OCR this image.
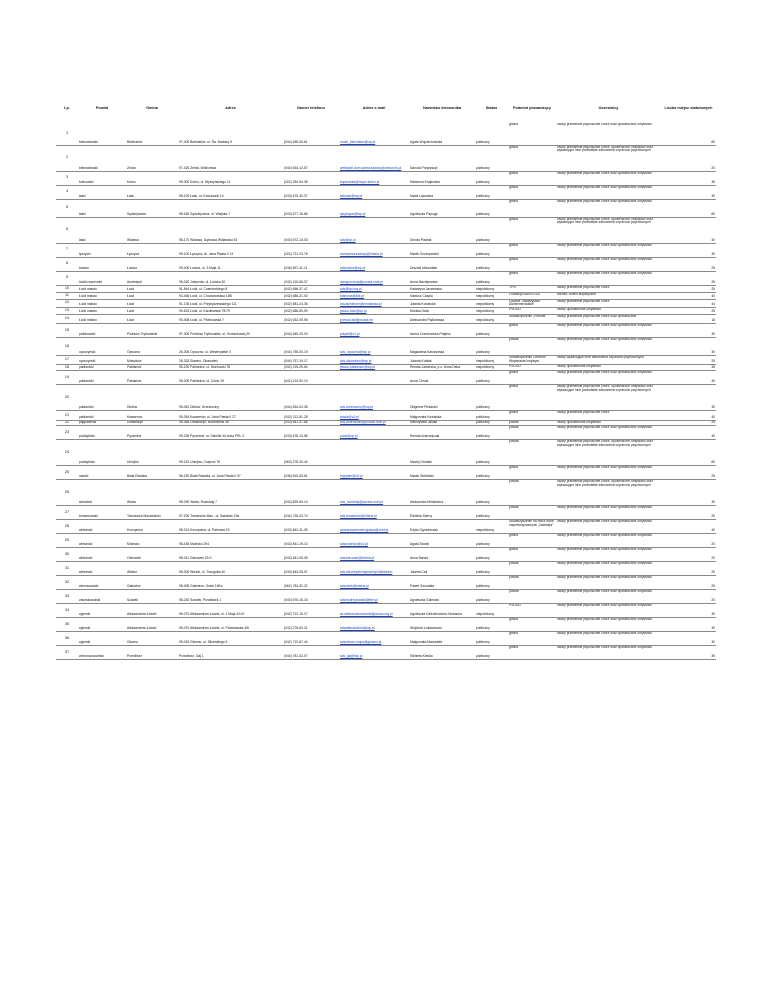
Lp.	Powiat	Gmina	Adres	Numer telefonu	Adres e-mail	Nazwisko kierownika	Status	Podmiot prowadzący	Uczestnicy	Liczba miejsc statutowych
1	bełchatowski	Bełchatów	97-400 Bełchatów, ul. Św. Barbary 5	(044) 635-06-61	mosir_belchatow@op.pl	Agata Wojciechowska	publiczny	gmina	osoby przewlekle psychicznie chore oraz upośledzone umysłowo	60
2	bełchatowski	Zelów	97-425 Zelów, Wolborska	(044) 634-12-57	websiote-dom.samorzadowy@zelow.nk.pl	Danuta Przybyszył	publiczny	gmina	osoby przewlekle psychicznie chore, upośledzone umysłowo oraz wykazujące inne przewlekłe zaburzenia czynności psychicznych	20
3	kutnowski	Kutno	99-300 Kutno, ul. Wyszyńskiego 11	(024) 254-94-35	kopiewska@mops.kutno.pl	Marianna Krajewska	publiczny	gmina	osoby przewlekle psychicznie chore oraz upośledzone umysłowo	35
4	łaski	Łask	98-100 Łask, ul. Kościuszki 14	(043) 675-30-37	ksbtask@wp.pl	Maria Lipowska	publiczny	gmina	osoby przewlekle psychicznie chore oraz upośledzone umysłowo	30
5	łaski	Sędziejowice	98-160 Sędziejowice, ul. Wiejska 7	(043) 677-15-86	sjeglogort@wp.pl	Agnieszka Papuga	publiczny	gmina	osoby przewlekle psychicznie chore oraz upośledzone umysłowo	60
6	łaski	Widawa	98-170 Widawa, Dąbrowa Widawska 61	(043) 672-14-03	sds@op.pl	Dorota Pawlak	publiczny	gmina	osoby przewlekle psychicznie chore, upośledzone umysłowo oraz wykazujące inne przewlekłe zaburzenia czynności psychicznych	40
7	łęczycki	Łęczyca	99-100 Łęczyca, Al. Jana Pawła II 13	(024) 721-23-76	domsamorzadowy@interia.pl	Marek Szczepański	publiczny	gmina	osoby przewlekle psychicznie chore oraz upośledzone umysłowo	30
8	łowicki	Łowicz	99-400 Łowicz, ul. 3 Maja 11	(046) 837-41-11	sdslowicz@wp.pl	Urszula Marczałek	publiczny	gmina	osoby przewlekle psychicznie chore oraz upośledzone umysłowo	25
9	łódzki wschodni	Andrespol	95-020 Justynów, ul. Łódzka 30	(042) 215-65-37	domgorniony@poczta.onet.pl	Anna Maciejewska	publiczny	gmina	osoby przewlekle psychicznie chore oraz upośledzone umysłowo	25
10	Łódź miasto	Łódź	91-844 Łódź, ul. Czarnieckiego 8	(042) 656-37-47	sds@lipi.org.pl	Katarzyna Jaczewska	niepubliczny	TPN	osoby przewlekle psychicznie chore	25
11	Łódź miasto	Łódź	93-466 Łódź, ul. Chocianowska 18B	(042) 686-21-00	biamusa@klik.pl	Mariusz Czapla	niepubliczny	Fundacja NAVICULA	dorośli i dzieci autystyczne	40
12	Łódź miasto	Łódź	91-130 Łódź, ul. Przybyszewskiego 111	(042) 681-24-36	low.alzheimer@neostrada.pl	Jolanta Kordacka	niepubliczny	Łódzkie Towarzystwo Alzheimerowskie	osoby przewlekle psychicznie chore	44
13	Łódź miasto	Łódź	90-523 Łódź, ul. Karolewska 75/79	(042) 686-80-90	psouu.lodz@op.pl	Monika Gata	niepubliczny	PSOUU	osoby upośledzone umysłowo	25
14	Łódź miasto	Łódź	90-408 Łódź, ul. Piotrkowska 7	(042) 632-09-98	pomost.sd@poczta.fm	Aleksandra Piątkowska	niepubliczny	Stowarzyszenie „Pomost”	osoby przewlekle psychicznie chore oraz upośledzone	18
15	piotrkowski	Piotrków Trybunalski	97-300 Piotrków Trybunalski, ul. Orzeszkowej 20	(044) 649-29-03	prkpsf@o2.pl	Iwona Czechowska-Prajbss	publiczny	gmina	osoby przewlekle psychicznie chore oraz upośledzone umysłowo	30
16	opoczyński	Opoczno	26-300 Opoczno, ul. Westerplatte 3	(044) 755-00-19	sds_opoczno@wp.pl	Magdalena Kałużyńska	publiczny	powiat	osoby przewlekle psychicznie chore oraz upośledzone umysłowo	30
17	opoczyński	Mniszków	26-332 Sławno, Olszowiec	(044) 757-19-17	sds.olszowiec@wp.pl	Jolanta Kubiak	niepubliczny	Stowarzyszenie Centrum Wspierania Inicjatyw	osoby wykazujące inne zaburzenia czynności psychicznych	25
18	pabianicki	Pabianice	95-200 Pabianice, ul. Moniuszki 78	(042) 215-29-64	psouu.pabianice@wp.pl	Renata Jasterska, p.o. Anna Deka	niepubliczny	PSOUU	osoby upośledzone umysłowo	35
19	pabianicki	Pabianice	95-200 Pabianice, ul. Ciche 29	(042) 214-92-10		Anna Chrust	publiczny	gmina	osoby przewlekle psychicznie chore oraz upośledzone umysłowo	40
20	pabianicki	Dłutów	95-081 Dłutów, Drzewociny	(044) 634-02-36	sds.drzewociny@op.pl	Zbigniew Piekarski	publiczny	gmina	osoby przewlekle psychicznie chore, upośledzone umysłowo oraz wykazujące inne przewlekłe zaburzenia czynności psychicznych	30
21	pabianicki	Ksawerów	95-054 Ksawerów, ul. Jana Pawła II 27	(042) 212-81-25	sdsks@o2.pl	Małgorzata Kowalska	publiczny	gmina	osoby przewlekle psychicznie chore	40
22	pajęczański	Działoszyn	98-355 Działoszyn, Bobrowniki 36	(043) 841-37-66	sds.bobrowniki@poczta.onet.pl	Mieczysław Jasiak	publiczny	powiat	osoby upośledzone umysłowo	25
23	poddębicki	Pęczniew	99-235 Pęczniew, ul. Osiedle 40-lecia PRL 4	(043) 678-13-56	pods@op.pl	Renata Andrzejczak	publiczny	powiat	osoby przewlekle psychicznie chore oraz upośledzone umysłowo	40
24	poddębicki	Uniejów	99-210 Uniejów, Czepów 78	(063) 278-40-40		Maciej Grubski	publiczny	powiat	osoby przewlekle psychicznie chore, upośledzone umysłowo oraz wykazujące inne przewlekłe zaburzenia czynności psychicznych	60
25	rawski	Biała Rawska	96-230 Biała Rawska, ul. Jana Pawła II 57	(046) 815-83-61	brgrpsbr@o2.pl	Marek Stefański	publiczny	gmina	osoby przewlekle psychicznie chore oraz upośledzone umysłowo	25
26	sieradzki	Warta	98-290 Warta, Rożdżały 7	(043) 829-60-10	sds_rozdzaly@poczta.onet.pl	Aleksandra Mińkiewicz	publiczny	powiat	osoby przewlekle psychicznie chore, upośledzone umysłowo oraz wykazujące inne przewlekłe zaburzenia czynności psychicznych	30
27	tomaszowski	Tomaszów Mazowiecki	97-200 Tomaszów Maz., ul. Sabatów 19a	(044) 726-03-74	sds.tomaszow@interia.pl	Elżbieta Sierny	publiczny	powiat	osoby przewlekle psychicznie chore oraz upośledzone umysłowo	20
28	wieluński	Konopnica	98-313 Konopnica, ul. Parkowa 19	(043) 842-41-05	stowarzyszenieinicjatyw@onet.pl	Edyta Ogrodniczak	niepubliczny	Stowarzyszenie na rzecz osób niepełnosprawnych „Nadzieja”	osoby przewlekle psychicznie chore oraz upośledzone umysłowo	40
29	wieluński	Mokrsko	98-435 Mokrsko 294	(043) 841-19-13	sdsmokrsko@o2.pl	Agata Słowik	publiczny	gmina	osoby przewlekle psychicznie chore oraz upośledzone umysłowo	20
30	wieluński	Ostrówek	98-311 Ostrówek 93 D	(043) 841-06-05	sdsostrowek@interia.pl	Anna Banaś	publiczny	gmina	osoby przewlekle psychicznie chore oraz upośledzone umysłowo	20
31	wieluński	Wieluń	98-300 Wieluń, ul. Traugutta 40	(043) 843-05-97	sds.dla.niepelnosprawnych@wielun	Jolanta Cioł	publiczny	powiat	osoby przewlekle psychicznie chore oraz upośledzone umysłowo	20
32	wieruszowski	Galewice	98-405 Galewice, Osiek 18Ko	(062) 784-32-22	sdsosiek@interia.pl	Paweł Gzondala	publiczny	powiat	osoby przewlekle psychicznie chore oraz upośledzone umysłowo	25
33	zduńskowolski	Szadek	98-240 Szadek, Przatówek 1	(043) 675-16-15	sdsmodrzykowski@tlen.pl	Agnieszka Gołmata	publiczny	powiat	osoby przewlekle psychicznie chore oraz upośledzone umysłowo	20
34	zgierski	Aleksandrów Łódzki	95-070 Aleksandrów Łódzki, ul. 1 Maja 42/47	(042) 712-15-17	sk.aleksandrowlodzki@psouu.org.pl	Agnieszka Dziedzinowicz-Nowacka	niepubliczny	PSOUU	osoby przewlekle psychicznie chore oraz upośledzone umysłowo	30
35	zgierski	Aleksandrów Łódzki	95-070 Aleksandrów Łódzki, ul. Piotrkowska 4/8	(042) 276-60-21	sdsaleksandrow@wp.pl	Wojciech Łukasiewicz	publiczny	gmina	osoby przewlekle psychicznie chore oraz upośledzone umysłowo	30
36	zgierski	Głowno	95-015 Głowno, ul. Sikorskiego 5	(042) 710-67-44	sdsrobocz.mops@glowno.pl	Małgorzata Marczałek	publiczny	gmina	osoby przewlekle psychicznie chore oraz upośledzone umysłowo	30
37	zielonoszczański	Przedbórz	Przedbórz, Gaj 1	(044) 781-02-07	sds_gaj@wp.pl	Elżbieta Kieska	publiczny	gmina	osoby przewlekle psychicznie chore oraz upośledzone umysłowo	35
